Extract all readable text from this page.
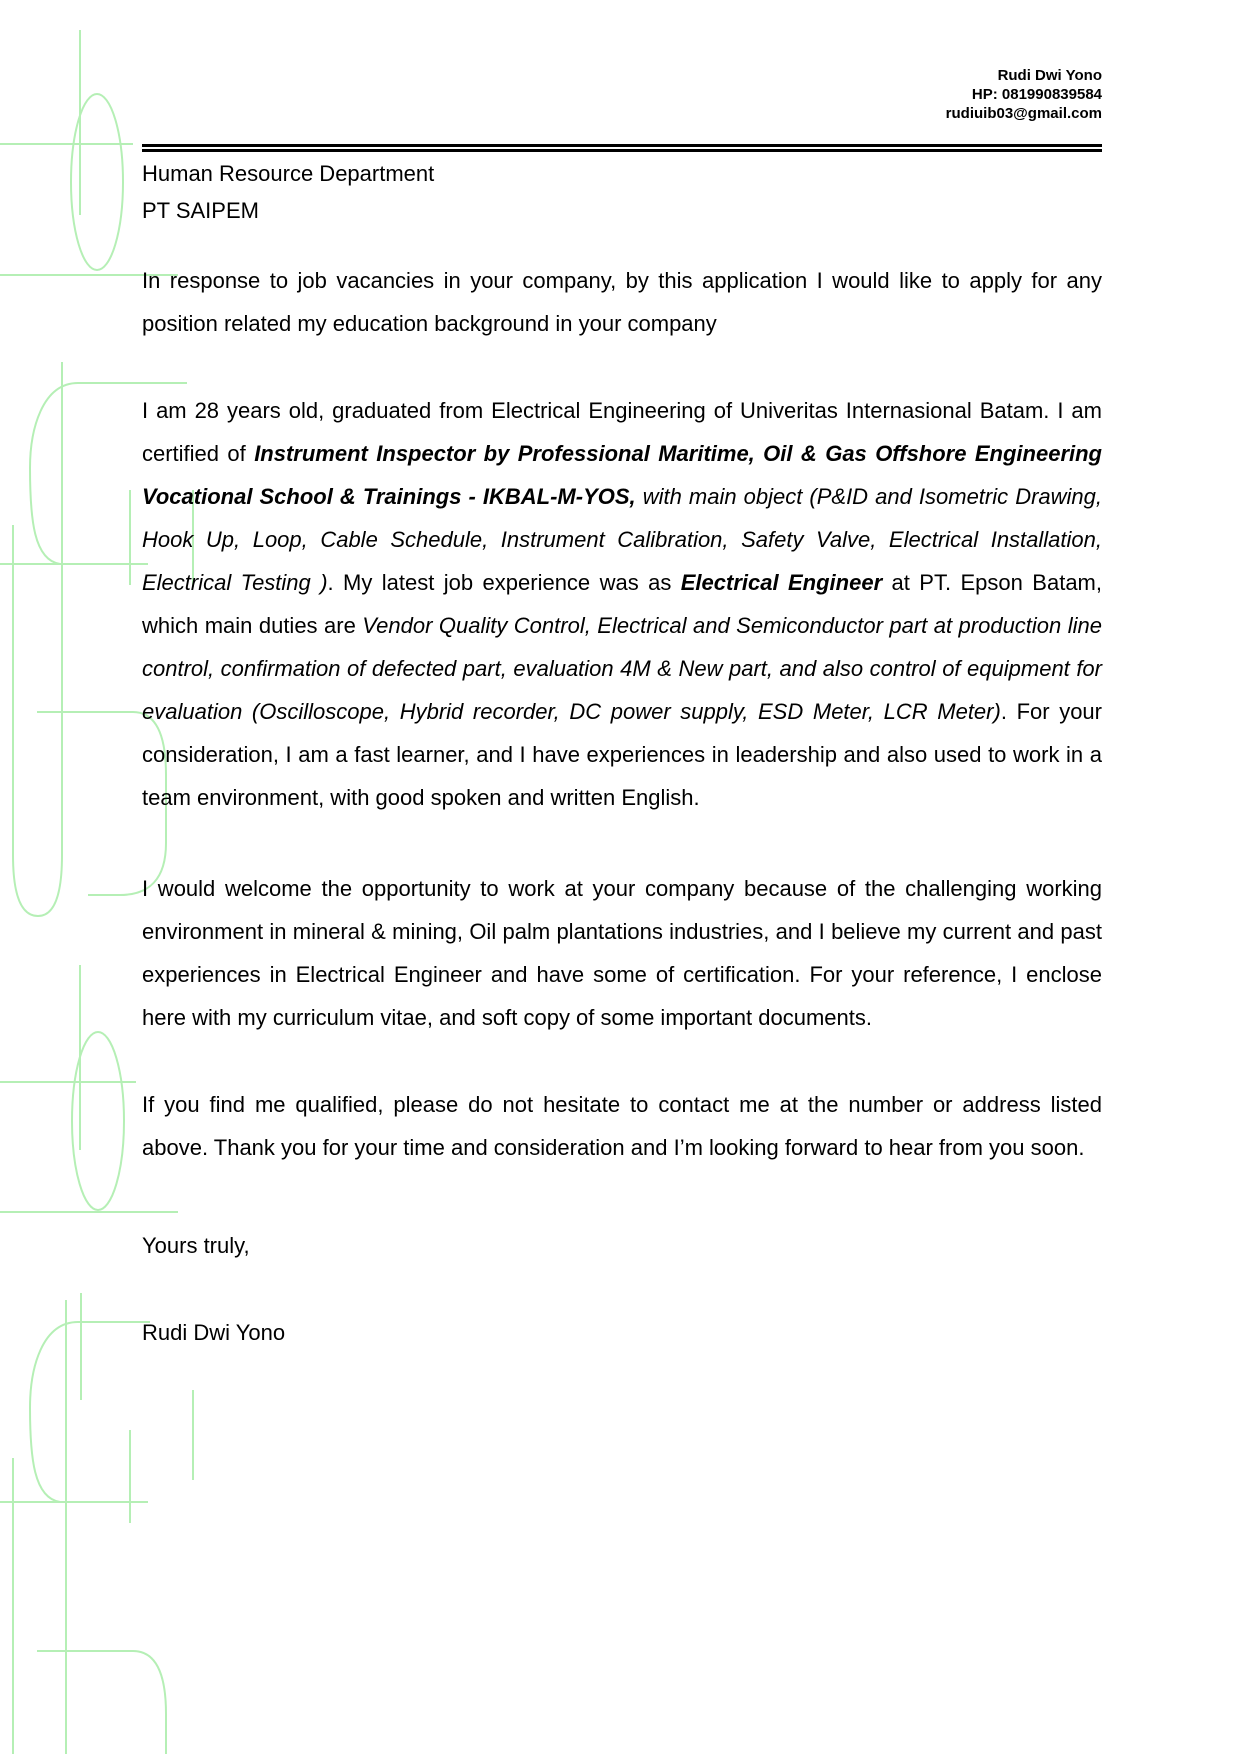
Rudi Dwi Yono
HP: 081990839584
rudiuib03@gmail.com
Human Resource Department
PT SAIPEM

In response to job vacancies in your company, by this application I would like to apply for any position related my education background in your company

I am 28 years old, graduated from Electrical Engineering of Univeritas Internasional Batam. I am certified of Instrument Inspector by Professional Maritime, Oil & Gas Offshore Engineering Vocational School & Trainings - IKBAL-M-YOS, with main object (P&ID and Isometric Drawing, Hook Up, Loop, Cable Schedule, Instrument Calibration, Safety Valve, Electrical Installation, Electrical Testing ). My latest job experience was as Electrical Engineer at PT. Epson Batam, which main duties are Vendor Quality Control, Electrical and Semiconductor part at production line control, confirmation of defected part, evaluation 4M & New part, and also control of equipment for evaluation (Oscilloscope, Hybrid recorder, DC power supply, ESD Meter, LCR Meter). For your consideration, I am a fast learner, and I have experiences in leadership and also used to work in a team environment, with good spoken and written English.

I would welcome the opportunity to work at your company because of the challenging working environment in mineral & mining, Oil palm plantations industries, and I believe my current and past experiences in Electrical Engineer and have some of certification. For your reference, I enclose here with my curriculum vitae, and soft copy of some important documents.

If you find me qualified, please do not hesitate to contact me at the number or address listed above. Thank you for your time and consideration and I’m looking forward to hear from you soon.

Yours truly,
Rudi Dwi Yono
